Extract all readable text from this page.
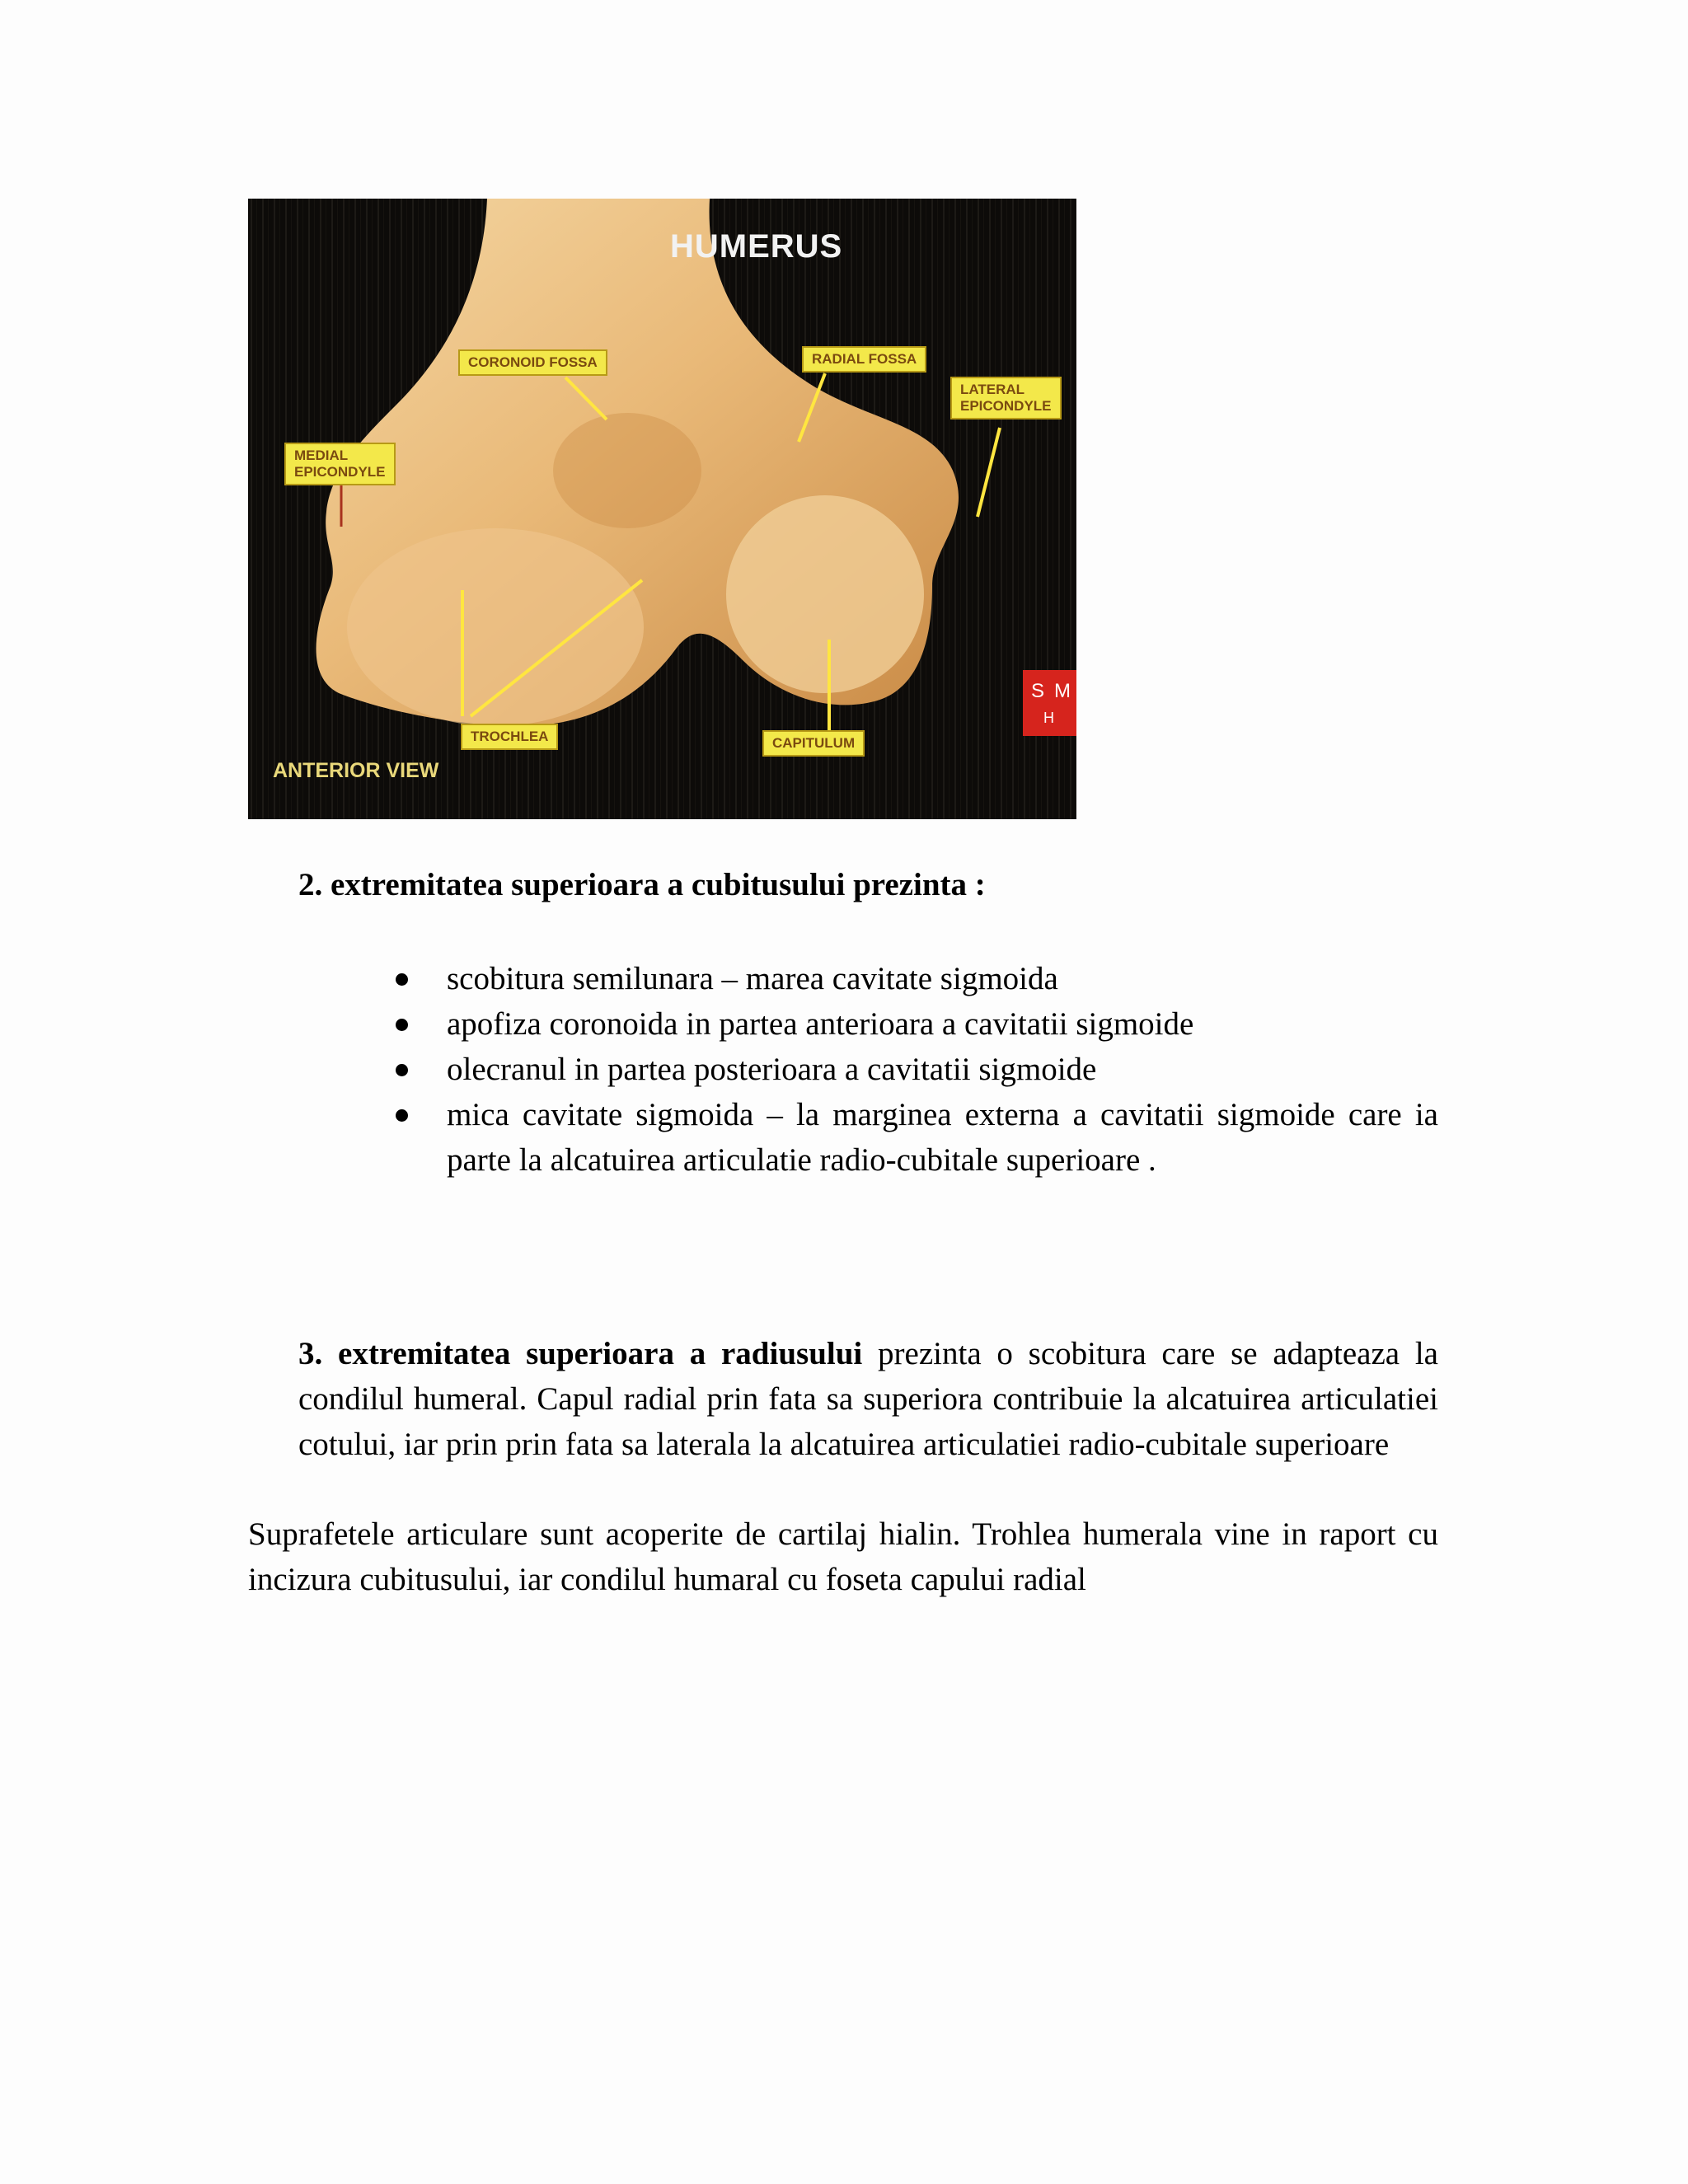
HUMERUS
CORONOID FOSSA	RADIAL FOSSA
LATERAL
EPICONDYLE
MEDIAL
EPICONDYLE
TROCHLEA	CAPITULUM
ANTERIOR VIEW
S M
H
2. extremitatea superioara a cubitusului prezinta :
scobitura semilunara – marea cavitate sigmoida
apofiza coronoida in partea anterioara a cavitatii sigmoide
olecranul in partea posterioara a cavitatii sigmoide
mica cavitate sigmoida – la marginea externa a cavitatii sigmoide care ia parte la alcatuirea articulatie radio-cubitale superioare .

3. extremitatea superioara a radiusului prezinta o scobitura care se adapteaza la condilul humeral. Capul radial prin fata sa superiora contribuie la alcatuirea articulatiei cotului, iar prin prin fata sa laterala la alcatuirea articulatiei radio-cubitale superioare

Suprafetele articulare sunt acoperite de cartilaj hialin. Trohlea humerala vine in raport cu incizura cubitusului, iar condilul humaral cu foseta capului radial
